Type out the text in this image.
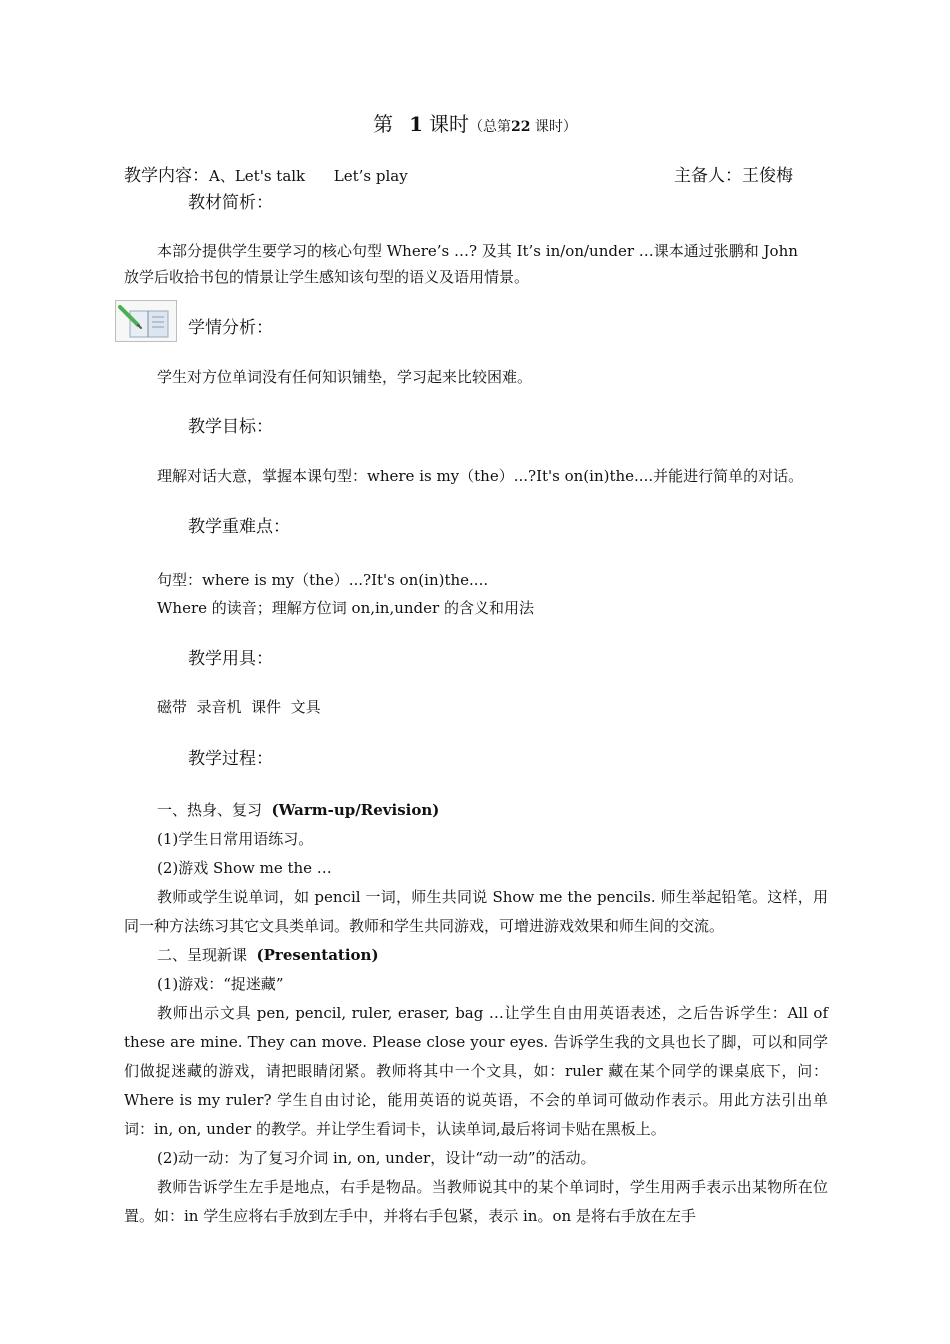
第 1 课时（总第22 课时）
教学内容：A、Let's talk      Let’s play	主备人：王俊梅
教材简析：
本部分提供学生要学习的核心句型 Where’s …? 及其 It’s in/on/under …课本通过张鹏和 John
放学后收拾书包的情景让学生感知该句型的语义及语用情景。
学情分析：
学生对方位单词没有任何知识铺垫，学习起来比较困难。
教学目标：
理解对话大意，掌握本课句型：where is my（the）...?It's on(in)the....并能进行简单的对话。
教学重难点：
句型：where is my（the）...?It's on(in)the....
Where 的读音；理解方位词 on,in,under 的含义和用法
教学用具：
磁带  录音机  课件  文具
教学过程：

一、热身、复习  (Warm-up/Revision)

(1)学生日常用语练习。

(2)游戏 Show me the …

教师或学生说单词，如 pencil 一词，师生共同说 Show me the pencils. 师生举起铅笔。这样，用同一种方法练习其它文具类单词。教师和学生共同游戏，可增进游戏效果和师生间的交流。

二、呈现新课  (Presentation)

(1)游戏：“捉迷藏”

教师出示文具 pen, pencil, ruler, eraser, bag …让学生自由用英语表述，之后告诉学生：All of these are mine. They can move. Please close your eyes. 告诉学生我的文具也长了脚，可以和同学们做捉迷藏的游戏，请把眼睛闭紧。教师将其中一个文具，如：ruler 藏在某个同学的课桌底下，问：Where is my ruler? 学生自由讨论，能用英语的说英语，不会的单词可做动作表示。用此方法引出单词：in, on, under 的教学。并让学生看词卡，认读单词,最后将词卡贴在黑板上。

(2)动一动：为了复习介词 in, on, under，设计“动一动”的活动。

教师告诉学生左手是地点，右手是物品。当教师说其中的某个单词时，学生用两手表示出某物所在位置。如：in 学生应将右手放到左手中，并将右手包紧，表示 in。on 是将右手放在左手
